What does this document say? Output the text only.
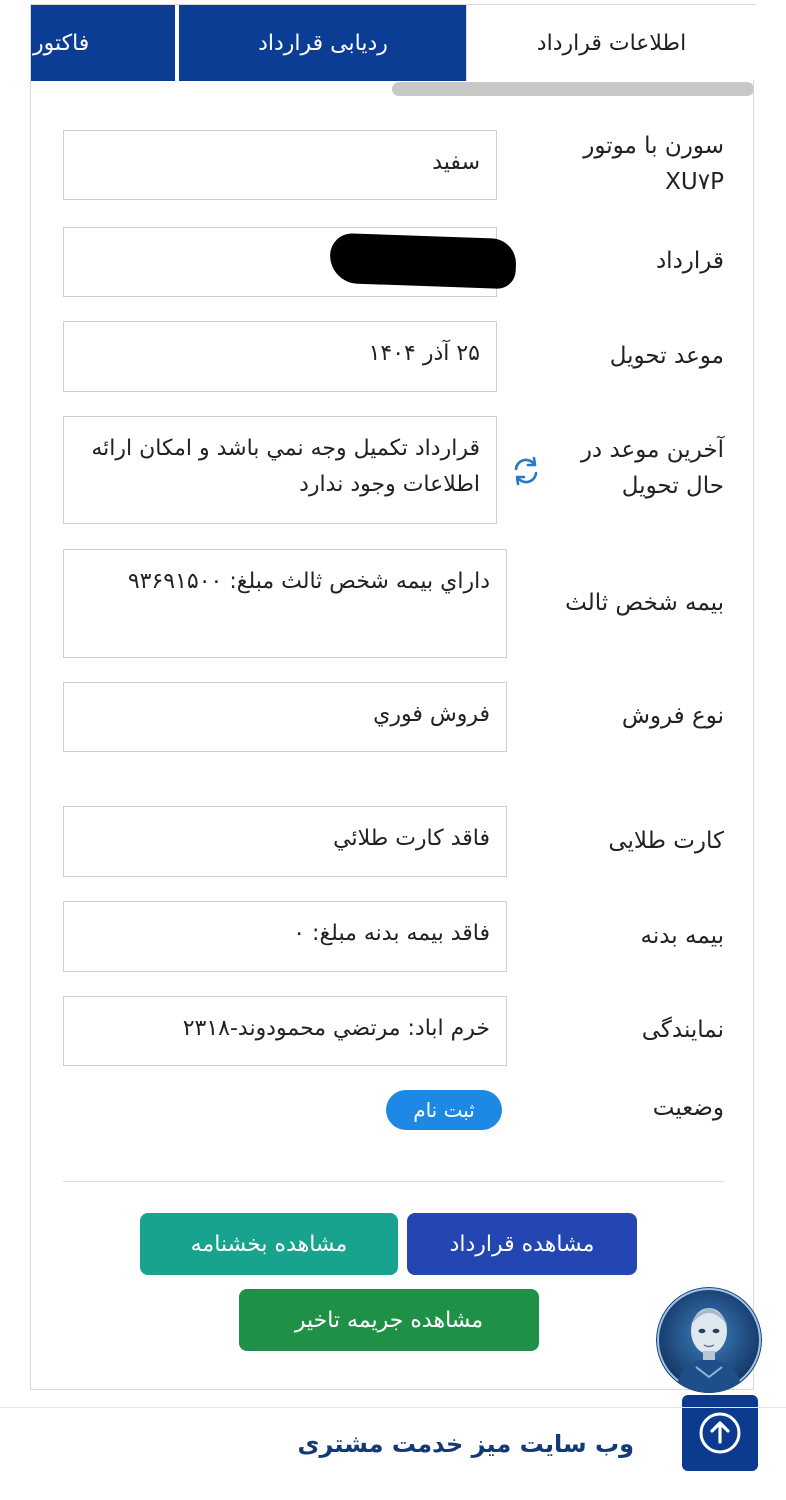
فاکتور	ردیابی قرارداد	اطلاعات قرارداد
سورن با موتور XU۷P
سفید
قرارداد
موعد تحويل
۲۵ آذر ۱۴۰۴
آخرين موعد در حال تحويل
قرارداد تکميل وجه نمي باشد و امکان ارائه اطلاعات وجود ندارد
بیمه شخص ثالث
داراي بيمه شخص ثالث مبلغ: ۹۳۶۹۱۵۰۰
نوع فروش
فروش فوري
کارت طلایی
فاقد کارت طلائي
بیمه بدنه
فاقد بيمه بدنه مبلغ: ۰
نمایندگی
خرم اباد: مرتضي محمودوند-۲۳۱۸
وضعیت
ثبت نام
مشاهده قرارداد
مشاهده بخشنامه
مشاهده جريمه تاخير
وب سایت میز خدمت مشتری
